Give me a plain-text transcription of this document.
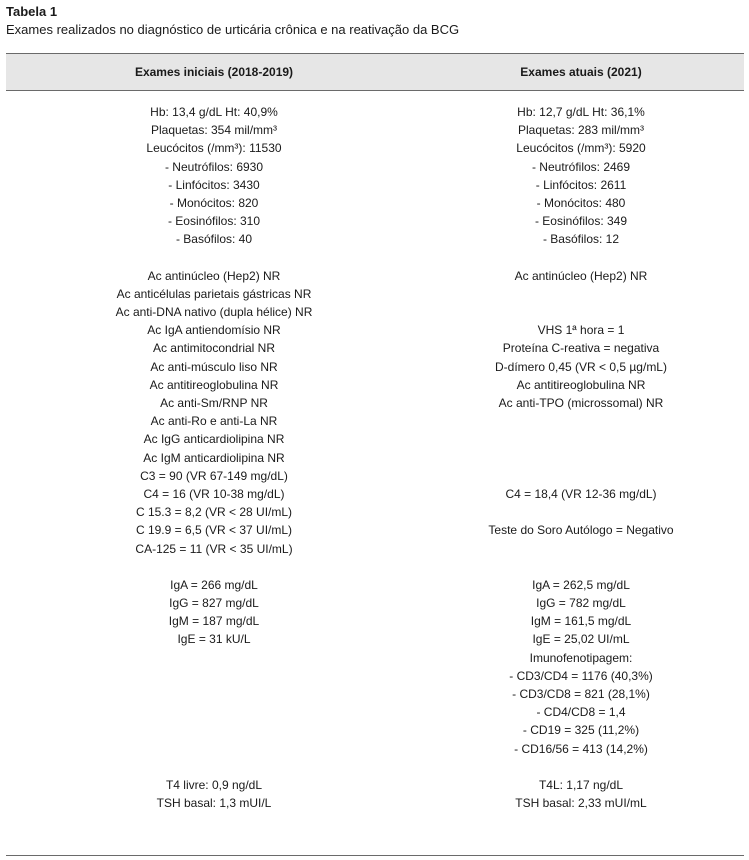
Tabela 1
Exames realizados no diagnóstico de urticária crônica e na reativação da BCG
Exames iniciais (2018-2019)	Exames atuais (2021)
Hb: 13,4 g/dL Ht: 40,9%
Plaquetas: 354 mil/mm³
Leucócitos (/mm³): 11530
- Neutrófilos: 6930
- Linfócitos: 3430
- Monócitos: 820
- Eosinófilos: 310
- Basófilos: 40
Ac antinúcleo (Hep2) NR
Ac anticélulas parietais gástricas NR
Ac anti-DNA nativo (dupla hélice) NR
Ac IgA antiendomísio NR
Ac antimitocondrial NR
Ac anti-músculo liso NR
Ac antitireoglobulina NR
Ac anti-Sm/RNP NR
Ac anti-Ro e anti-La NR
Ac IgG anticardiolipina NR
Ac IgM anticardiolipina NR
C3 = 90 (VR 67-149 mg/dL)
C4 = 16 (VR 10-38 mg/dL)
C 15.3 = 8,2 (VR < 28 UI/mL)
C 19.9 = 6,5 (VR < 37 UI/mL)
CA-125 = 11 (VR < 35 UI/mL)
IgA = 266 mg/dL
IgG = 827 mg/dL
IgM = 187 mg/dL
IgE = 31 kU/L
T4 livre: 0,9 ng/dL
TSH basal: 1,3 mUI/L
Hb: 12,7 g/dL Ht: 36,1%
Plaquetas: 283 mil/mm³
Leucócitos (/mm³): 5920
- Neutrófilos: 2469
- Linfócitos: 2611
- Monócitos: 480
- Eosinófilos: 349
- Basófilos: 12
Ac antinúcleo (Hep2) NR
VHS 1ª hora = 1
Proteína C-reativa = negativa
D-dímero 0,45 (VR < 0,5 µg/mL)
Ac antitireoglobulina NR
Ac anti-TPO (microssomal) NR
C4 = 18,4 (VR 12-36 mg/dL)
Teste do Soro Autólogo = Negativo
IgA = 262,5 mg/dL
IgG = 782 mg/dL
IgM = 161,5 mg/dL
IgE = 25,02 UI/mL
Imunofenotipagem:
- CD3/CD4 = 1176 (40,3%)
- CD3/CD8 = 821 (28,1%)
- CD4/CD8 = 1,4
- CD19 = 325 (11,2%)
- CD16/56 = 413 (14,2%)
T4L: 1,17 ng/dL
TSH basal: 2,33 mUI/mL
